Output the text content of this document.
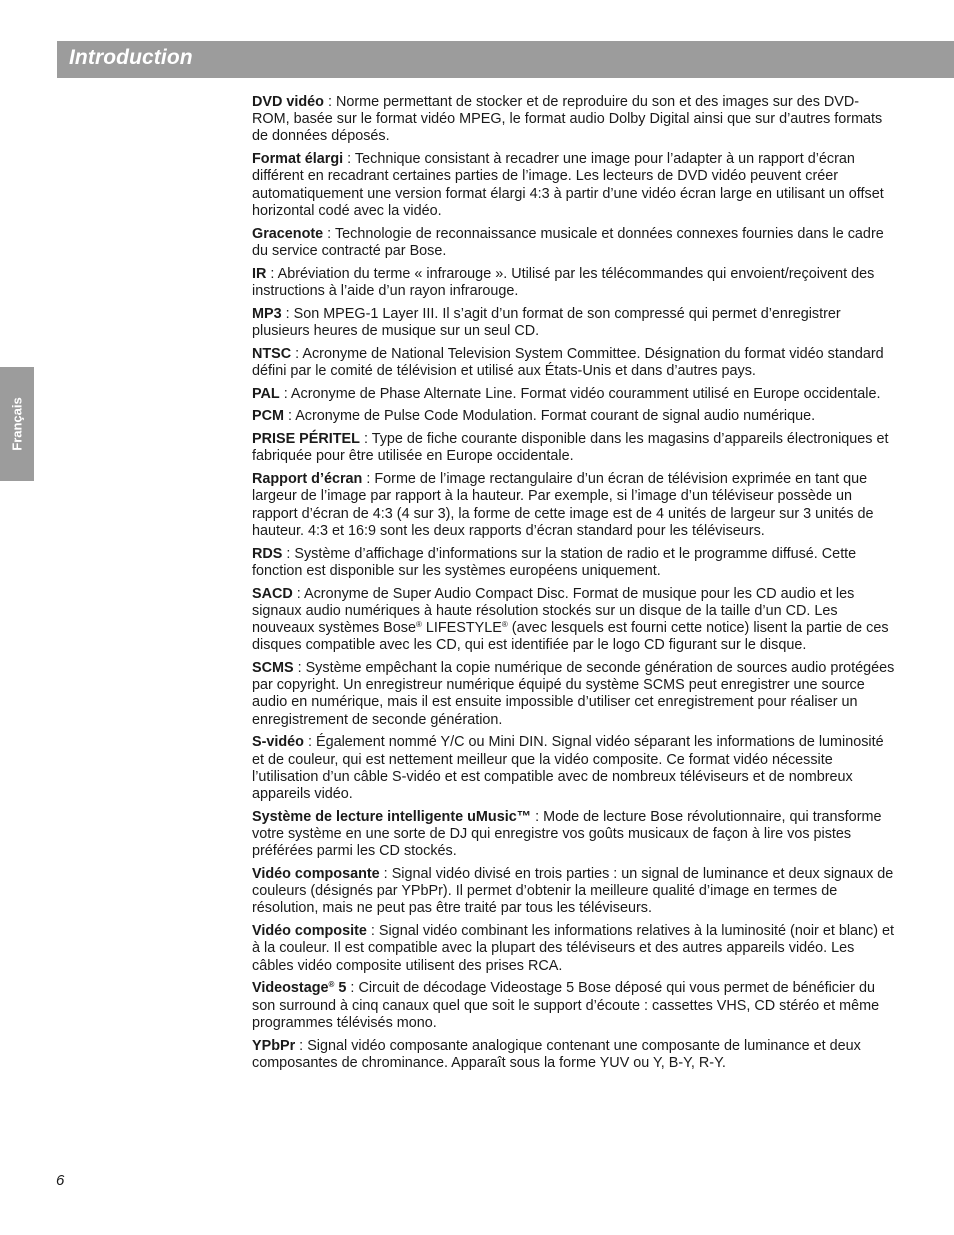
Introduction
Français

DVD vidéo : Norme permettant de stocker et de reproduire du son et des images sur des DVD-ROM, basée sur le format vidéo MPEG, le format audio Dolby Digital ainsi que sur d’autres formats de données déposés.

Format élargi : Technique consistant à recadrer une image pour l’adapter à un rapport d’écran différent en recadrant certaines parties de l’image. Les lecteurs de DVD vidéo peuvent créer automatiquement une version format élargi 4:3 à partir d’une vidéo écran large en utilisant un offset horizontal codé avec la vidéo.

Gracenote : Technologie de reconnaissance musicale et données connexes fournies dans le cadre du service contracté par Bose.

IR : Abréviation du terme « infrarouge ». Utilisé par les télécommandes qui envoient/reçoivent des instructions à l’aide d’un rayon infrarouge.

MP3 : Son MPEG-1 Layer III. Il s’agit d’un format de son compressé qui permet d’enregistrer plusieurs heures de musique sur un seul CD.

NTSC : Acronyme de National Television System Committee. Désignation du format vidéo standard défini par le comité de télévision et utilisé aux États-Unis et dans d’autres pays.

PAL : Acronyme de Phase Alternate Line. Format vidéo couramment utilisé en Europe occidentale.

PCM : Acronyme de Pulse Code Modulation. Format courant de signal audio numérique.

PRISE PÉRITEL : Type de fiche courante disponible dans les magasins d’appareils électroniques et fabriquée pour être utilisée en Europe occidentale.

Rapport d’écran : Forme de l’image rectangulaire d’un écran de télévision exprimée en tant que largeur de l’image par rapport à la hauteur. Par exemple, si l’image d’un téléviseur possède un rapport d’écran de 4:3 (4 sur 3), la forme de cette image est de 4 unités de largeur sur 3 unités de hauteur. 4:3 et 16:9 sont les deux rapports d’écran standard pour les téléviseurs.

RDS : Système d’affichage d’informations sur la station de radio et le programme diffusé. Cette fonction est disponible sur les systèmes européens uniquement.

SACD : Acronyme de Super Audio Compact Disc. Format de musique pour les CD audio et les signaux audio numériques à haute résolution stockés sur un disque de la taille d’un CD. Les nouveaux systèmes Bose® LIFESTYLE® (avec lesquels est fourni cette notice) lisent la partie de ces disques compatible avec les CD, qui est identifiée par le logo CD figurant sur le disque.

SCMS : Système empêchant la copie numérique de seconde génération de sources audio protégées par copyright. Un enregistreur numérique équipé du système SCMS peut enregistrer une source audio en numérique, mais il est ensuite impossible d’utiliser cet enregistrement pour réaliser un enregistrement de seconde génération.

S-vidéo : Également nommé Y/C ou Mini DIN. Signal vidéo séparant les informations de luminosité et de couleur, qui est nettement meilleur que la vidéo composite. Ce format vidéo nécessite l’utilisation d’un câble S-vidéo et est compatible avec de nombreux téléviseurs et de nombreux appareils vidéo.

Système de lecture intelligente uMusic™ : Mode de lecture Bose révolutionnaire, qui transforme votre système en une sorte de DJ qui enregistre vos goûts musicaux de façon à lire vos pistes préférées parmi les CD stockés.

Vidéo composante : Signal vidéo divisé en trois parties : un signal de luminance et deux signaux de couleurs (désignés par YPbPr). Il permet d’obtenir la meilleure qualité d’image en termes de résolution, mais ne peut pas être traité par tous les téléviseurs.

Vidéo composite : Signal vidéo combinant les informations relatives à la luminosité (noir et blanc) et à la couleur. Il est compatible avec la plupart des téléviseurs et des autres appareils vidéo. Les câbles vidéo composite utilisent des prises RCA.

Videostage® 5 : Circuit de décodage Videostage 5 Bose déposé qui vous permet de bénéficier du son surround à cinq canaux quel que soit le support d’écoute : cassettes VHS, CD stéréo et même programmes télévisés mono.

YPbPr : Signal vidéo composante analogique contenant une composante de luminance et deux composantes de chrominance. Apparaît sous la forme YUV ou Y, B-Y, R-Y.

6
